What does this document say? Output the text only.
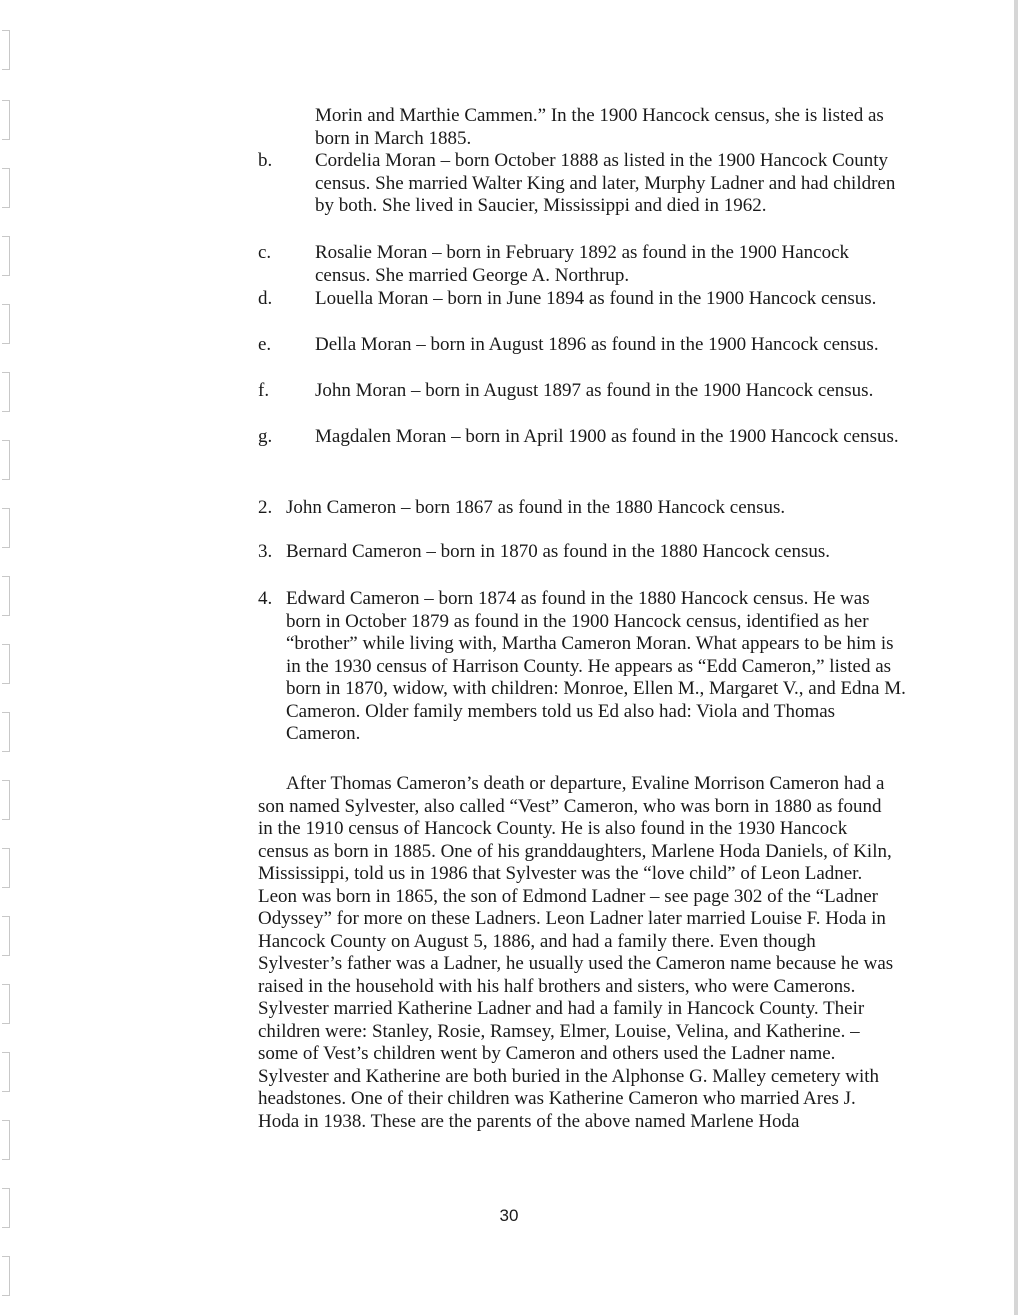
Morin and Marthie Cammen.” In the 1900 Hancock census, she is listed as born in March 1885.
b. Cordelia Moran – born October 1888 as listed in the 1900 Hancock County census. She married Walter King and later, Murphy Ladner and had children by both. She lived in Saucier, Mississippi and died in 1962.
c. Rosalie Moran – born in February 1892 as found in the 1900 Hancock census. She married George A. Northrup.
d. Louella Moran – born in June 1894 as found in the 1900 Hancock census.
e. Della Moran – born in August 1896 as found in the 1900 Hancock census.
f. John Moran – born in August 1897 as found in the 1900 Hancock census.
g. Magdalen Moran – born in April 1900 as found in the 1900 Hancock census.
2. John Cameron – born 1867 as found in the 1880 Hancock census.
3. Bernard Cameron – born in 1870 as found in the 1880 Hancock census.
4. Edward Cameron – born 1874 as found in the 1880 Hancock census. He was born in October 1879 as found in the 1900 Hancock census, identified as her “brother” while living with, Martha Cameron Moran. What appears to be him is in the 1930 census of Harrison County. He appears as “Edd Cameron,” listed as born in 1870, widow, with children: Monroe, Ellen M., Margaret V., and Edna M. Cameron. Older family members told us Ed also had: Viola and Thomas Cameron.

After Thomas Cameron’s death or departure, Evaline Morrison Cameron had a son named Sylvester, also called “Vest” Cameron, who was born in 1880 as found in the 1910 census of Hancock County. He is also found in the 1930 Hancock census as born in 1885. One of his granddaughters, Marlene Hoda Daniels, of Kiln, Mississippi, told us in 1986 that Sylvester was the “love child” of Leon Ladner. Leon was born in 1865, the son of Edmond Ladner – see page 302 of the “Ladner Odyssey” for more on these Ladners. Leon Ladner later married Louise F. Hoda in Hancock County on August 5, 1886, and had a family there. Even though Sylvester’s father was a Ladner, he usually used the Cameron name because he was raised in the household with his half brothers and sisters, who were Camerons. Sylvester married Katherine Ladner and had a family in Hancock County. Their children were: Stanley, Rosie, Ramsey, Elmer, Louise, Velina, and Katherine. – some of Vest’s children went by Cameron and others used the Ladner name. Sylvester and Katherine are both buried in the Alphonse G. Malley cemetery with headstones. One of their children was Katherine Cameron who married Ares J. Hoda in 1938. These are the parents of the above named Marlene Hoda

30
